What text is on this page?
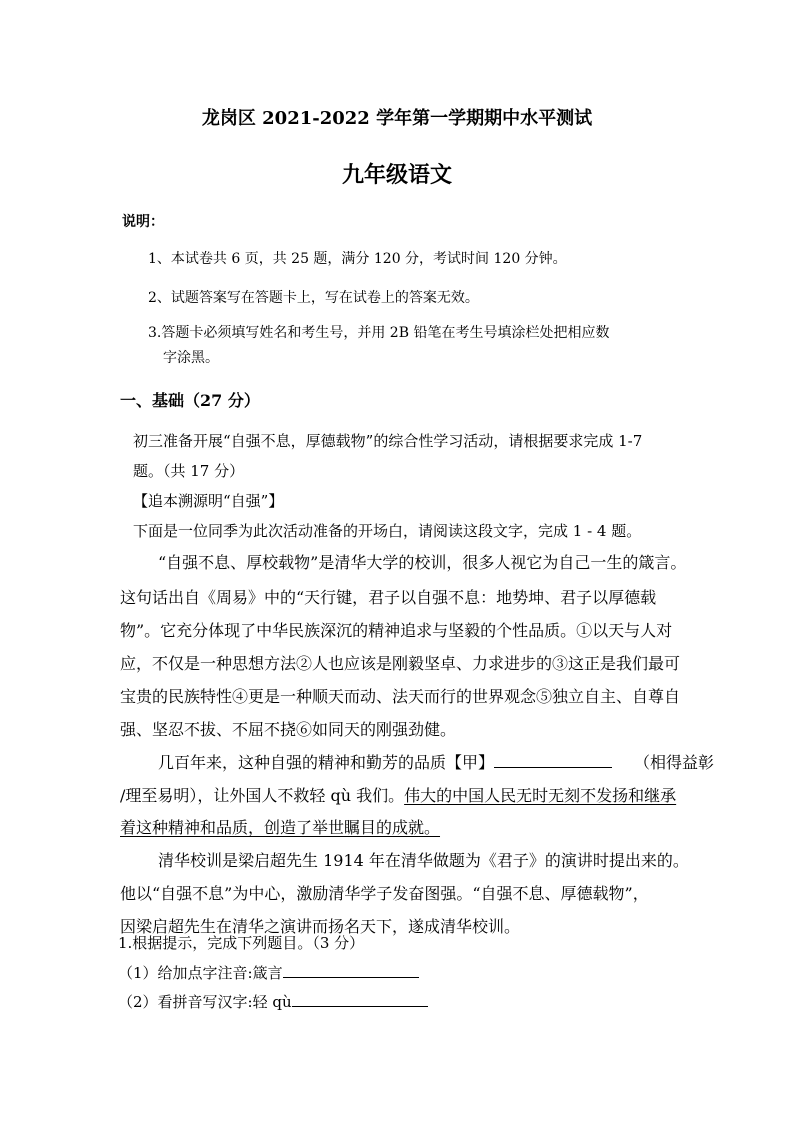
龙岗区 2021-2022 学年第一学期期中水平测试
九年级语文
说明：
1、本试卷共 6 页，共 25 题，满分 120 分，考试时间 120 分钟。
2、试题答案写在答题卡上，写在试卷上的答案无效。
3.答题卡必须填写姓名和考生号，并用 2B 铅笔在考生号填涂栏处把相应数
字涂黑。
一、基础（27 分）
初三准备开展“自强不息，厚德载物”的综合性学习活动，请根据要求完成 1-7
题。（共 17 分）
【追本溯源明“自强”】
下面是一位同季为此次活动准备的开场白，请阅读这段文字，完成 1 - 4 题。
“自强不息、厚校载物”是清华大学的校训，很多人视它为自己一生的箴言。
这句话出自《周易》中的“天行键，君子以自强不息：地势坤、君子以厚德载
物”。它充分体现了中华民族深沉的精神追求与坚毅的个性品质。①以天与人对
应，不仅是一种思想方法②人也应该是刚毅坚卓、力求进步的③这正是我们最可
宝贵的民族特性④更是一种顺天而动、法天而行的世界观念⑤独立自主、自尊自
强、坚忍不拔、不屈不挠⑥如同天的刚强劲健。
几百年来，这种自强的精神和勤芳的品质【甲】	（相得益彰
/理至易明），让外国人不救轻 qù 我们。伟大的中国人民无时无刻不发扬和继承
着这种精神和品质，创造了举世瞩目的成就。
清华校训是梁启超先生 1914 年在清华做题为《君子》的演讲时提出来的。
他以“自强不息”为中心，激励清华学子发奋图强。“自强不息、厚德载物”，
因梁启超先生在清华之演讲而扬名天下，遂成清华校训。
1.根据提示，完成下列题目。（3 分）
（1）给加点字注音:箴言
（2）看拼音写汉字:轻 qù
